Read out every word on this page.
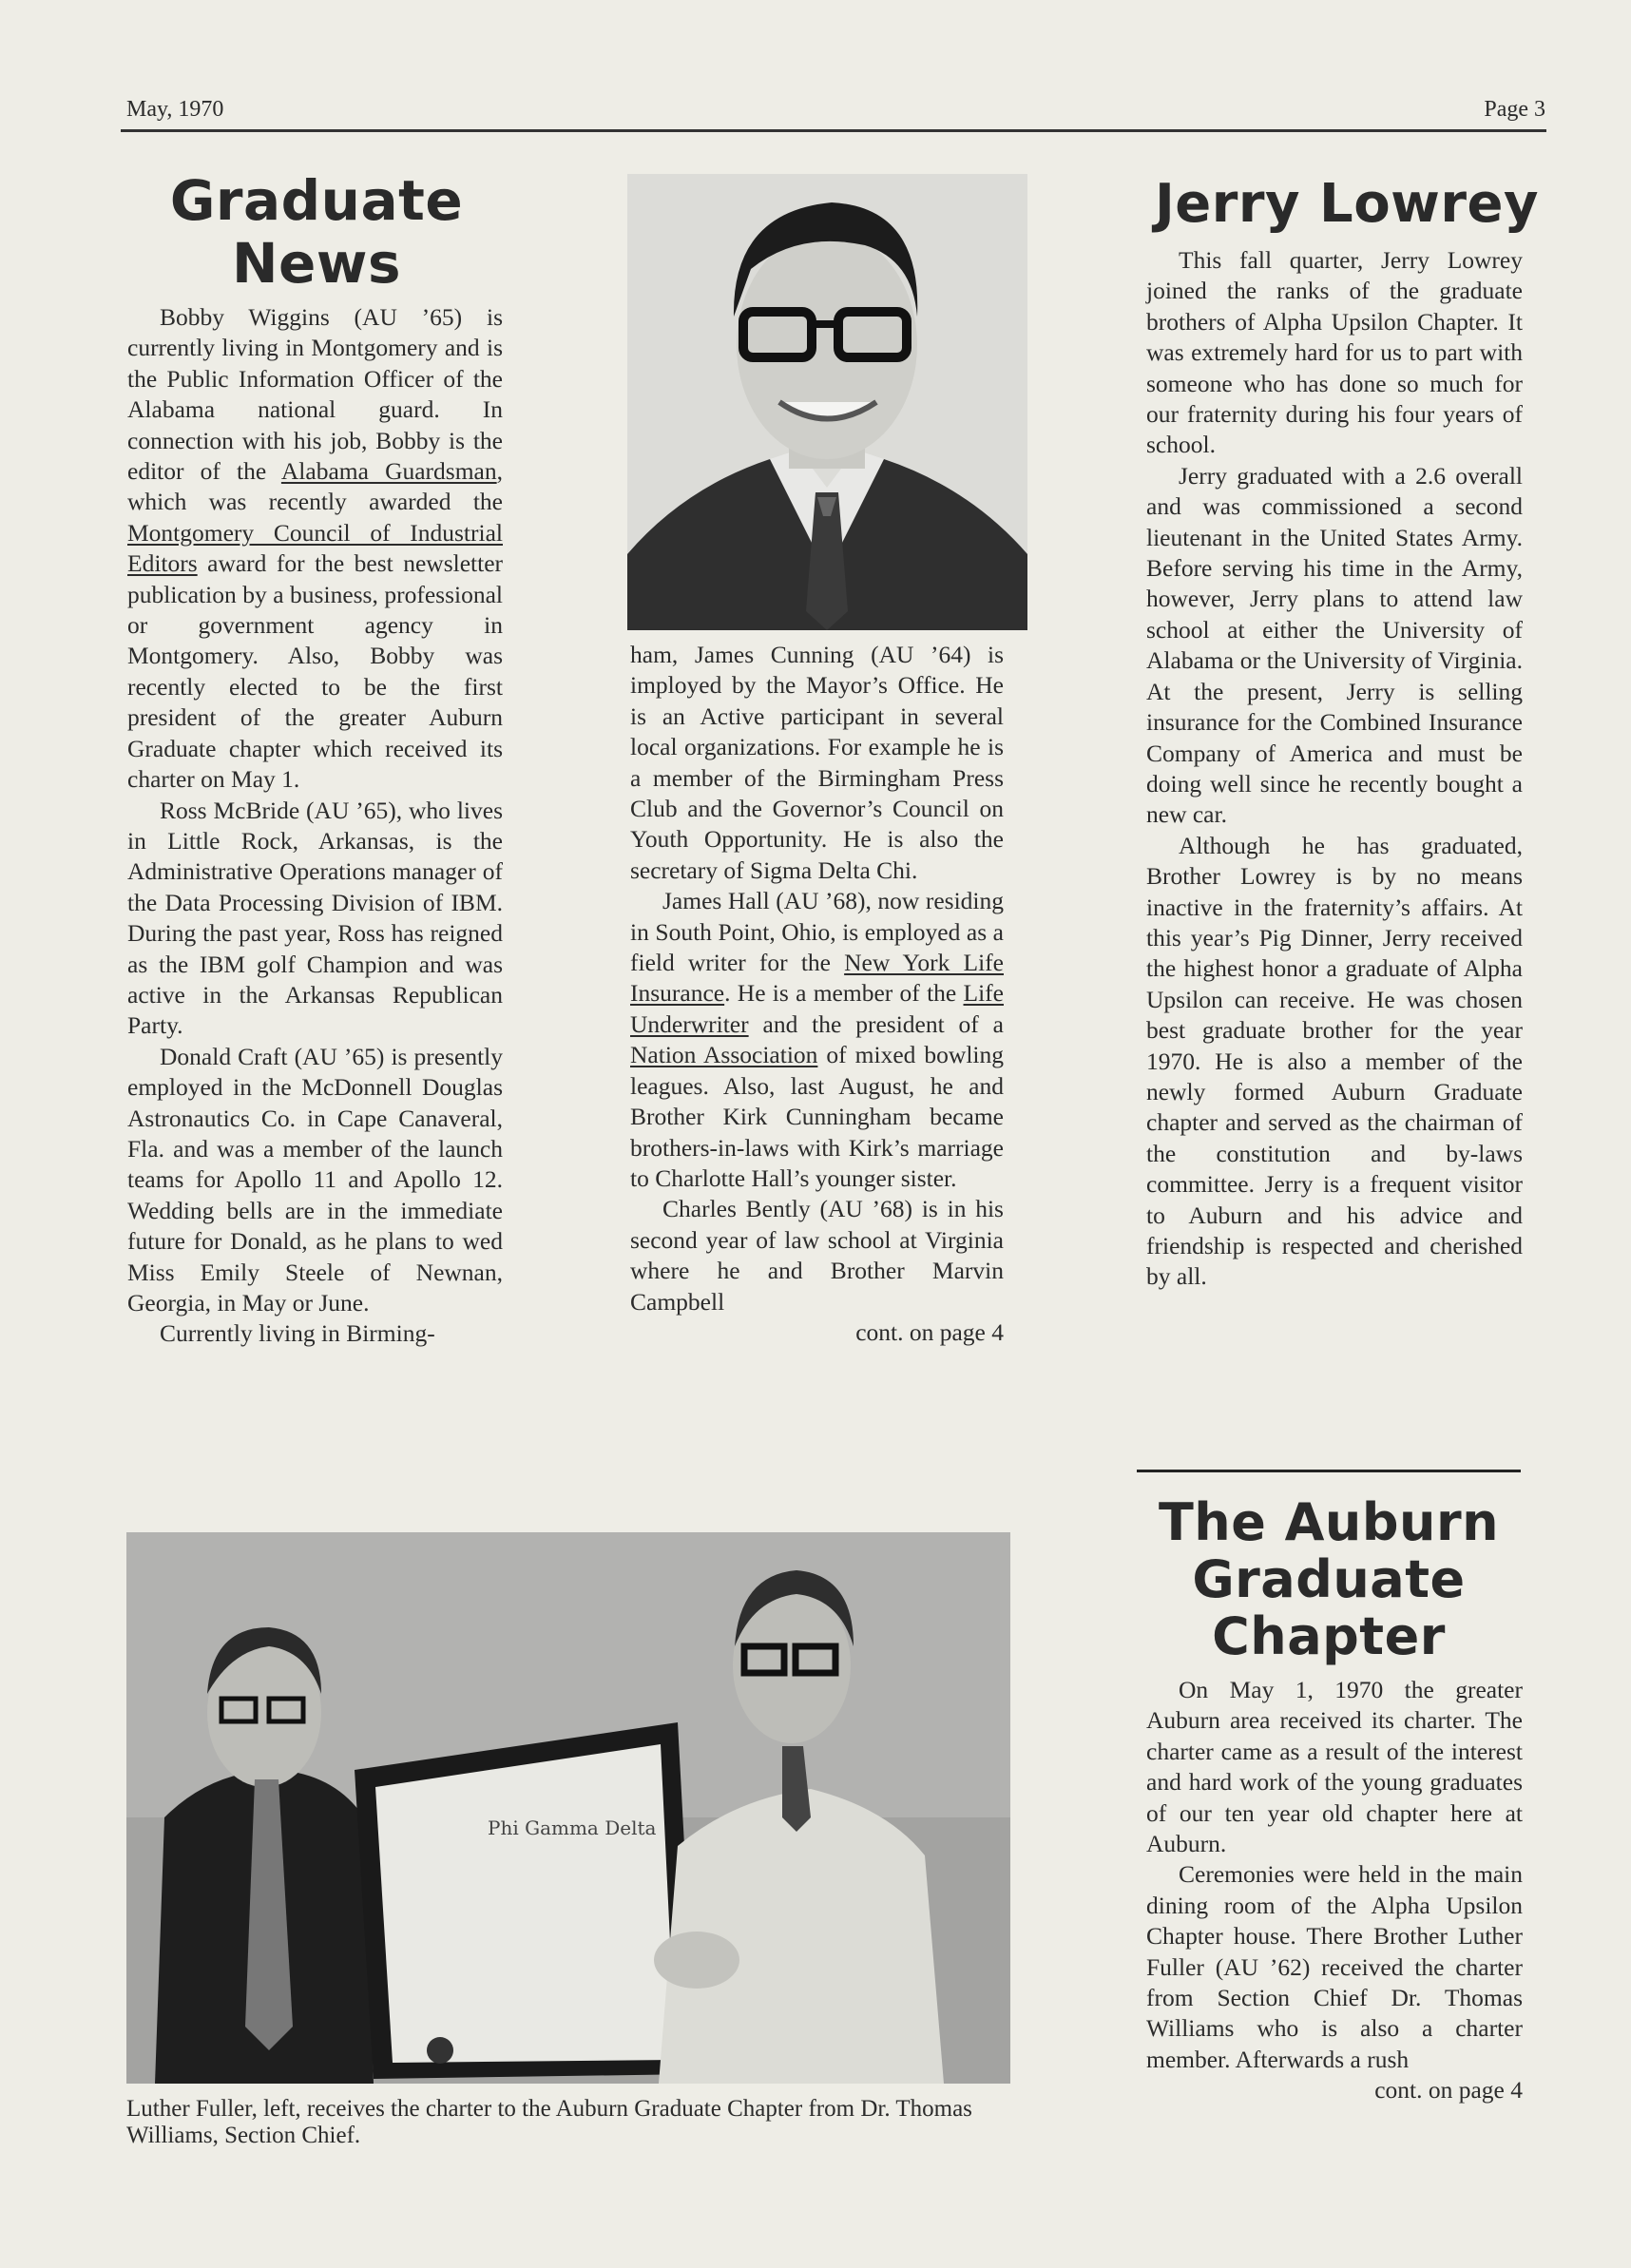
May, 1970	Page 3
Graduate
News

Bobby Wiggins (AU ’65) is currently living in Montgomery and is the Public Information Officer of the Alabama national guard. In connection with his job, Bobby is the editor of the Alabama Guardsman, which was recently awarded the Montgomery Council of Industrial Editors award for the best newsletter publication by a business, professional or government agency in Montgomery. Also, Bobby was recently elected to be the first president of the greater Auburn Graduate chapter which received its charter on May 1.

Ross McBride (AU ’65), who lives in Little Rock, Arkansas, is the Administrative Operations manager of the Data Processing Division of IBM. During the past year, Ross has reigned as the IBM golf Champion and was active in the Arkansas Republican Party.

Donald Craft (AU ’65) is presently employed in the McDonnell Douglas Astronautics Co. in Cape Canaveral, Fla. and was a member of the launch teams for Apollo 11 and Apollo 12. Wedding bells are in the immediate future for Donald, as he plans to wed Miss Emily Steele of Newnan, Georgia, in May or June.

Currently living in Birming-

ham, James Cunning (AU ’64) is imployed by the Mayor’s Office. He is an Active participant in several local organizations. For example he is a member of the Birmingham Press Club and the Governor’s Council on Youth Opportunity. He is also the secretary of Sigma Delta Chi.

James Hall (AU ’68), now residing in South Point, Ohio, is employed as a field writer for the New York Life Insurance. He is a member of the Life Underwriter and the president of a Nation Association of mixed bowling leagues. Also, last August, he and Brother Kirk Cunningham became brothers-in-laws with Kirk’s marriage to Charlotte Hall’s younger sister.

Charles Bently (AU ’68) is in his second year of law school at Virginia where he and Brother Marvin Campbell

cont. on page 4

Phi Gamma Delta
Luther Fuller, left, receives the charter to the Auburn Graduate Chapter from Dr. Thomas Williams, Section Chief.
Jerry Lowrey

This fall quarter, Jerry Lowrey joined the ranks of the graduate brothers of Alpha Upsilon Chapter. It was extremely hard for us to part with someone who has done so much for our fraternity during his four years of school.

Jerry graduated with a 2.6 overall and was commissioned a second lieutenant in the United States Army. Before serving his time in the Army, however, Jerry plans to attend law school at either the University of Alabama or the University of Virginia. At the present, Jerry is selling insurance for the Combined Insurance Company of America and must be doing well since he recently bought a new car.

Although he has graduated, Brother Lowrey is by no means inactive in the fraternity’s affairs. At this year’s Pig Dinner, Jerry received the highest honor a graduate of Alpha Upsilon can receive. He was chosen best graduate brother for the year 1970. He is also a member of the newly formed Auburn Graduate chapter and served as the chairman of the constitution and by-laws committee. Jerry is a frequent visitor to Auburn and his advice and friendship is respected and cherished by all.

The Auburn
Graduate
Chapter

On May 1, 1970 the greater Auburn area received its charter. The charter came as a result of the interest and hard work of the young graduates of our ten year old chapter here at Auburn.

Ceremonies were held in the main dining room of the Alpha Upsilon Chapter house. There Brother Luther Fuller (AU ’62) received the charter from Section Chief Dr. Thomas Williams who is also a charter member. Afterwards a rush

cont. on page 4
